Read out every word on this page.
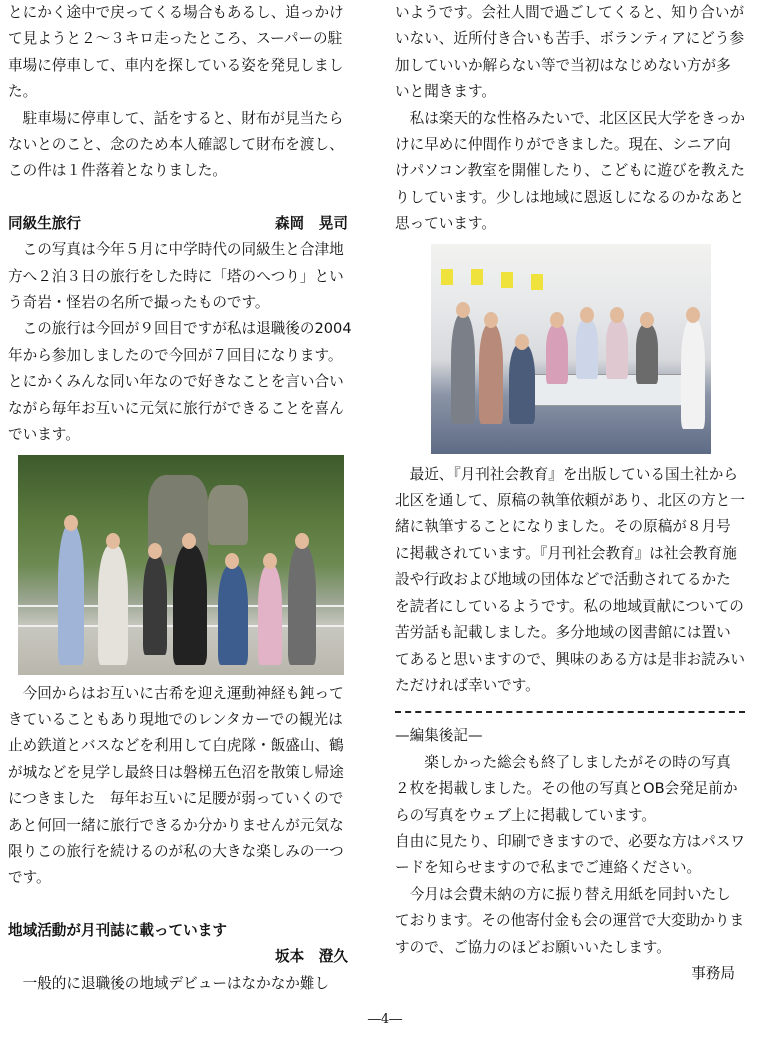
とにかく途中で戻ってくる場合もあるし、追っかけて見ようと２～３キロ走ったところ、スーパーの駐車場に停車して、車内を探している姿を発見しました。

駐車場に停車して、話をすると、財布が見当たらないとのこと、念のため本人確認して財布を渡し、この件は１件落着となりました。

同級生旅行	森岡　晃司

この写真は今年５月に中学時代の同級生と合津地方へ２泊３日の旅行をした時に「塔のへつり」という奇岩・怪岩の名所で撮ったものです。

この旅行は今回が９回目ですが私は退職後の2004年から参加しましたので今回が７回目になります。　とにかくみんな同い年なので好きなことを言い合いながら毎年お互いに元気に旅行ができることを喜んでいます。

今回からはお互いに古希を迎え運動神経も鈍ってきていることもあり現地でのレンタカーでの観光は止め鉄道とバスなどを利用して白虎隊・飯盛山、鶴が城などを見学し最終日は磐梯五色沼を散策し帰途につきました　毎年お互いに足腰が弱っていくのであと何回一緒に旅行できるか分かりませんが元気な限りこの旅行を続けるのが私の大きな楽しみの一つです。

地域活動が月刊誌に載っています
坂本　澄久

一般的に退職後の地域デビューはなかなか難し

いようです。会社人間で過ごしてくると、知り合いがいない、近所付き合いも苦手、ボランティアにどう参加していいか解らない等で当初はなじめない方が多いと聞きます。

私は楽天的な性格みたいで、北区区民大学をきっかけに早めに仲間作りができました。現在、シニア向けパソコン教室を開催したり、こどもに遊びを教えたりしています。少しは地域に恩返しになるのかなあと思っています。

最近、『月刊社会教育』を出版している国土社から北区を通して、原稿の執筆依頼があり、北区の方と一緒に執筆することになりました。その原稿が８月号に掲載されています。『月刊社会教育』は社会教育施設や行政および地域の団体などで活動されてるかたを読者にしているようです。私の地域貢献についての苦労話も記載しました。多分地域の図書館には置いてあると思いますので、興味のある方は是非お読みいただければ幸いです。

—編集後記—

楽しかった総会も終了しましたがその時の写真２枚を掲載しました。その他の写真とOB会発足前からの写真をウェブ上に掲載しています。

自由に見たり、印刷できますので、必要な方はパスワードを知らせますので私までご連絡ください。

今月は会費未納の方に振り替え用紙を同封いたしております。その他寄付金も会の運営で大変助かりますので、ご協力のほどお願いいたします。

事務局

―4―
